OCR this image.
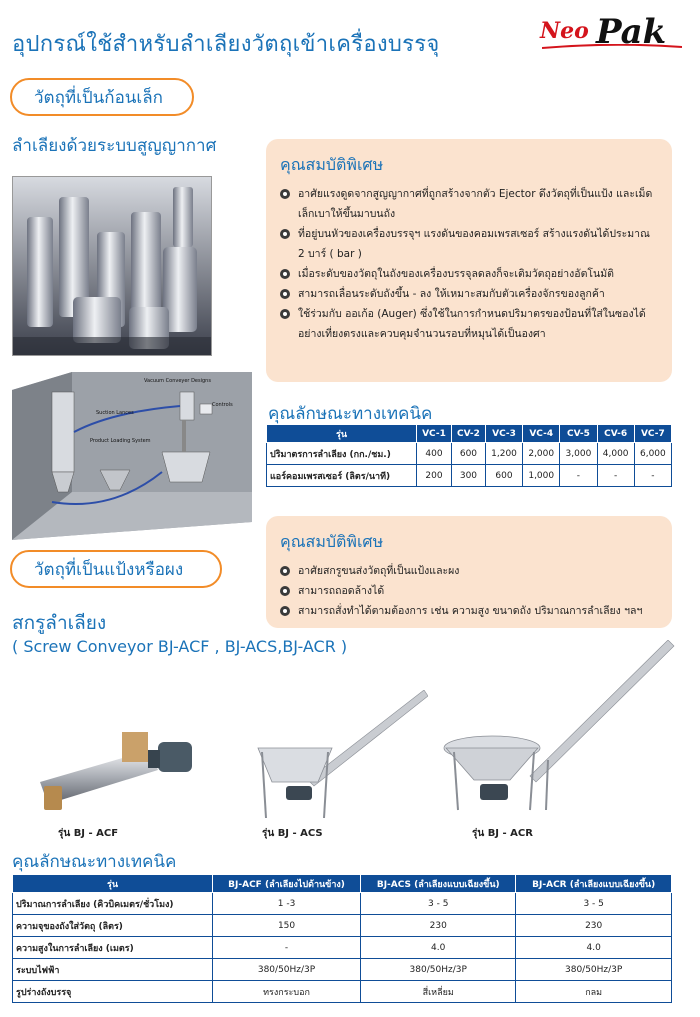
อุปกรณ์ใช้สำหรับลำเลียงวัตถุเข้าเครื่องบรรจุ
Neo Pak
วัตถุที่เป็นก้อนเล็ก
ลำเลียงด้วยระบบสูญญากาศ
Vacuum Conveyer Designs
Suction Lances
Controls
Product Loading System
คุณสมบัติพิเศษ
อาศัยแรงดูดจากสูญญากาศที่ถูกสร้างจากตัว Ejector ดึงวัตถุที่เป็นแป้ง และเม็ดเล็กเบาให้ขึ้นมาบนถัง
ที่อยู่บนหัวของเครื่องบรรจุฯ แรงดันของคอมเพรสเซอร์ สร้างแรงดันได้ประมาณ 2 บาร์ ( bar )
เมื่อระดับของวัตถุในถังของเครื่องบรรจุลดลงก็จะเติมวัตถุอย่างอัตโนมัติ
สามารถเลื่อนระดับถังขึ้น - ลง ให้เหมาะสมกับตัวเครื่องจักรของลูกค้า
ใช้ร่วมกับ ออเก้อ (Auger) ซึ่งใช้ในการกำหนดปริมาตรของป้อนที่ใส่ในซองได้อย่างเที่ยงตรงและควบคุมจำนวนรอบที่หมุนได้เป็นองศา
คุณลักษณะทางเทคนิค
รุ่น	VC-1	CV-2	VC-3	VC-4	CV-5	CV-6	VC-7
ปริมาตรการลำเลียง (กก./ชม.)	400	600	1,200	2,000	3,000	4,000	6,000
แอร์คอมเพรสเซอร์ (ลิตร/นาที)	200	300	600	1,000	-	-	-
คุณสมบัติพิเศษ
อาศัยสกรูขนส่งวัตถุที่เป็นแป้งและผง
สามารถถอดล้างได้
สามารถสั่งทำได้ตามต้องการ เช่น ความสูง ขนาดถัง ปริมาณการลำเลียง ฯลฯ
วัตถุที่เป็นแป้งหรือผง
สกรูลำเลียง
( Screw Conveyor BJ-ACF , BJ-ACS,BJ-ACR )
รุ่น BJ - ACF	รุ่น BJ - ACS	รุ่น BJ - ACR
คุณลักษณะทางเทคนิค
รุ่น	BJ-ACF (ลำเลียงไปด้านข้าง)	BJ-ACS (ลำเลียงแบบเฉียงขึ้น)	BJ-ACR (ลำเลียงแบบเฉียงขึ้น)
ปริมาณการลำเลียง (คิวบิคเมตร/ชั่วโมง)	1 -3	3 - 5	3 - 5
ความจุของถังใส่วัตถุ (ลิตร)	150	230	230
ความสูงในการลำเลียง (เมตร)	-	4.0	4.0
ระบบไฟฟ้า	380/50Hz/3P	380/50Hz/3P	380/50Hz/3P
รูปร่างถังบรรจุ	ทรงกระบอก	สี่เหลี่ยม	กลม
